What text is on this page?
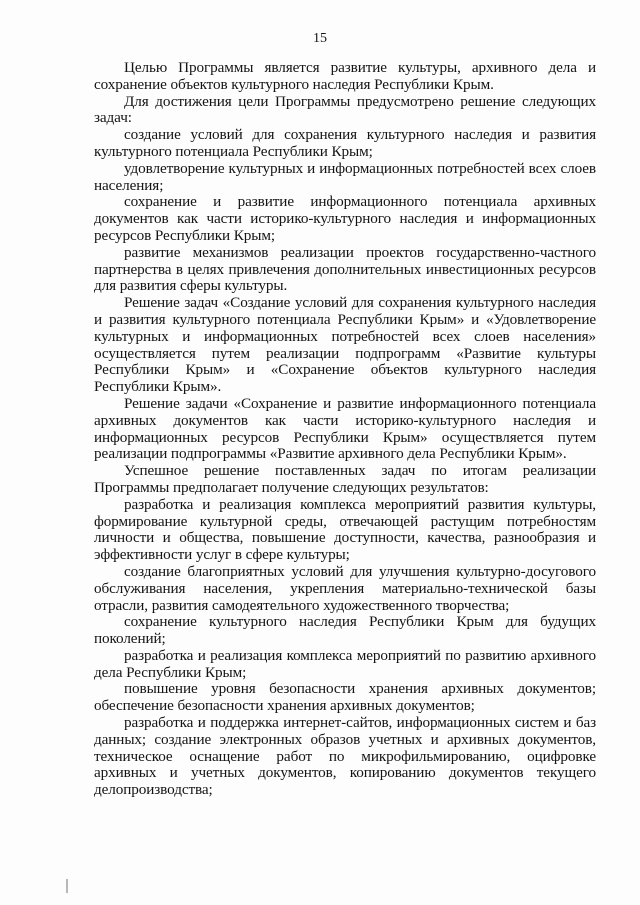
15

Целью Программы является развитие культуры, архивного дела и сохранение объектов культурного наследия Республики Крым.

Для достижения цели Программы предусмотрено решение следующих задач:

создание условий для сохранения культурного наследия и развития культурного потенциала Республики Крым;

удовлетворение культурных и информационных потребностей всех слоев населения;

сохранение и развитие информационного потенциала архивных документов как части историко-культурного наследия и информационных ресурсов Республики Крым;

развитие механизмов реализации проектов государственно-частного партнерства в целях привлечения дополнительных инвестиционных ресурсов для развития сферы культуры.

Решение задач «Создание условий для сохранения культурного наследия и развития культурного потенциала Республики Крым» и «Удовлетворение культурных и информационных потребностей всех слоев населения» осуществляется путем реализации подпрограмм «Развитие культуры Республики Крым» и «Сохранение объектов культурного наследия Республики Крым».

Решение задачи «Сохранение и развитие информационного потенциала архивных документов как части историко-культурного наследия и информационных ресурсов Республики Крым» осуществляется путем реализации подпрограммы «Развитие архивного дела Республики Крым».

Успешное решение поставленных задач по итогам реализации Программы предполагает получение следующих результатов:

разработка и реализация комплекса мероприятий развития культуры, формирование культурной среды, отвечающей растущим потребностям личности и общества, повышение доступности, качества, разнообразия и эффективности услуг в сфере культуры;

создание благоприятных условий для улучшения культурно-досугового обслуживания населения, укрепления материально-технической базы отрасли, развития самодеятельного художественного творчества;

сохранение культурного наследия Республики Крым для будущих поколений;

разработка и реализация комплекса мероприятий по развитию архивного дела Республики Крым;

повышение уровня безопасности хранения архивных документов; обеспечение безопасности хранения архивных документов;

разработка и поддержка интернет-сайтов, информационных систем и баз данных; создание электронных образов учетных и архивных документов, техническое оснащение работ по микрофильмированию, оцифровке архивных и учетных документов, копированию документов текущего делопроизводства;
